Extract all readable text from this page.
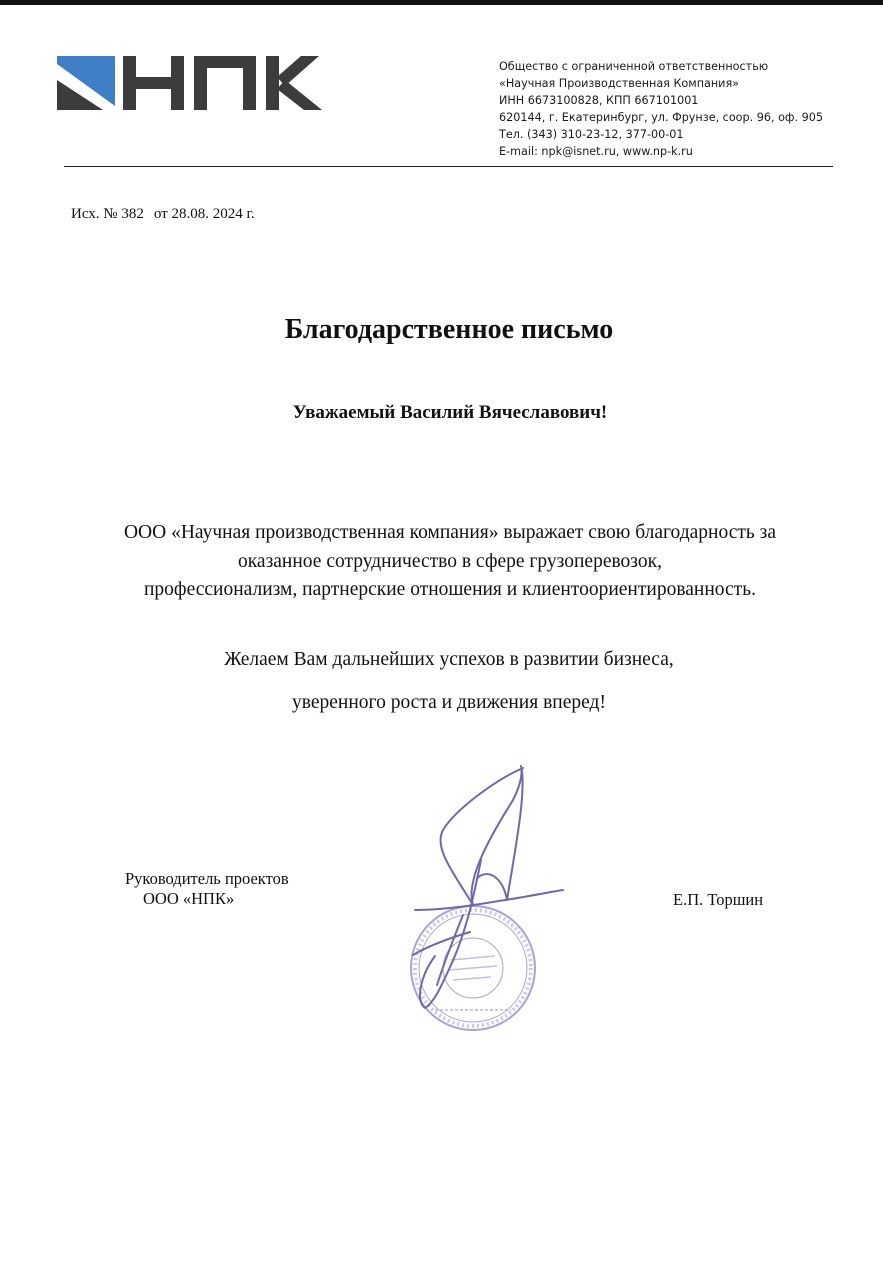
Общество с ограниченной ответственностью
«Научная Производственная Компания»
ИНН 6673100828, КПП 667101001
620144, г. Екатеринбург, ул. Фрунзе, соор. 96, оф. 905
Тел. (343) 310-23-12, 377-00-01
E-mail: npk@isnet.ru, www.np-k.ru
Исх. № 382 от 28.08. 2024 г.
Благодарственное письмо
Уважаемый Василий Вячеславович!
ООО «Научная производственная компания» выражает свою благодарность за
оказанное сотрудничество в сфере грузоперевозок,
профессионализм, партнерские отношения и клиентоориентированность.
Желаем Вам дальнейших успехов в развитии бизнеса,
уверенного роста и движения вперед!
Руководитель проектов
ООО «НПК»	Е.П. Торшин
